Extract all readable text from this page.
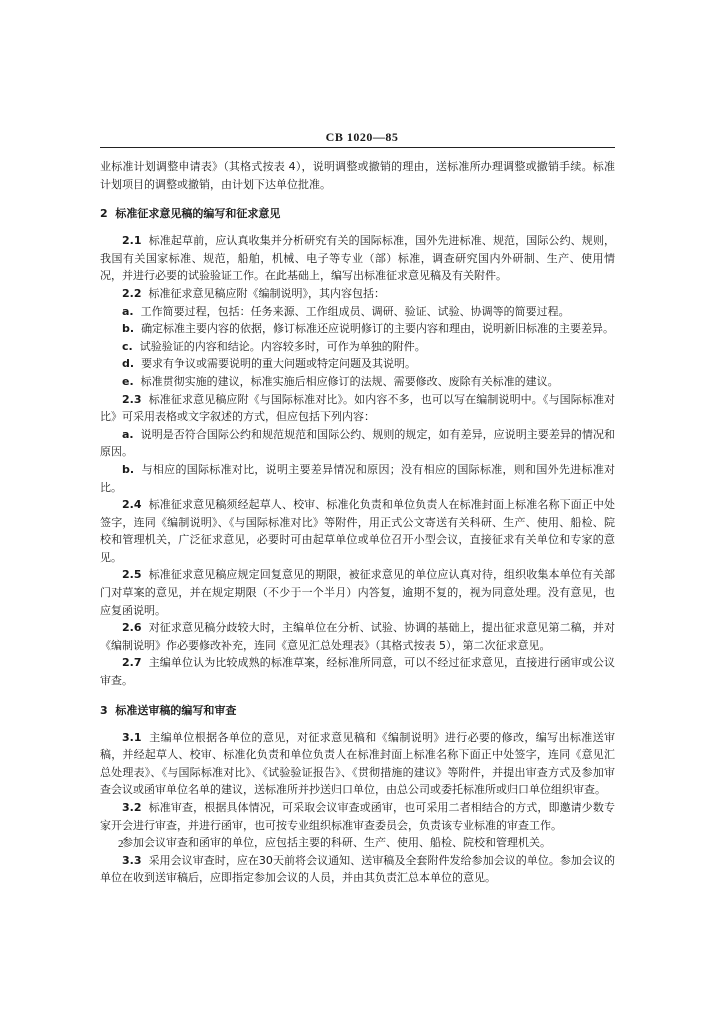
CB 1020—85

业标准计划调整申请表》（其格式按表 4），说明调整或撤销的理由，送标准所办理调整或撤销手续。标准计划项目的调整或撤销，由计划下达单位批准。

2 标准征求意见稿的编写和征求意见

2.1 标准起草前，应认真收集并分析研究有关的国际标准，国外先进标准、规范，国际公约、规则，我国有关国家标准、规范，船舶，机械、电子等专业（部）标准，调查研究国内外研制、生产、使用情况，并进行必要的试验验证工作。在此基础上，编写出标准征求意见稿及有关附件。

2.2 标准征求意见稿应附《编制说明》，其内容包括：

a. 工作简要过程，包括：任务来源、工作组成员、调研、验证、试验、协调等的简要过程。

b. 确定标准主要内容的依据，修订标准还应说明修订的主要内容和理由，说明新旧标准的主要差异。

c. 试验验证的内容和结论。内容较多时，可作为单独的附件。

d. 要求有争议或需要说明的重大问题或特定问题及其说明。

e. 标准贯彻实施的建议，标准实施后相应修订的法规、需要修改、废除有关标准的建议。

2.3 标准征求意见稿应附《与国际标准对比》。如内容不多，也可以写在编制说明中。《与国际标准对比》可采用表格或文字叙述的方式，但应包括下列内容：

a. 说明是否符合国际公约和规范规范和国际公约、规则的规定，如有差异，应说明主要差异的情况和原因。

b. 与相应的国际标准对比，说明主要差异情况和原因；没有相应的国际标准，则和国外先进标准对比。

2.4 标准征求意见稿须经起草人、校审、标准化负责和单位负责人在标准封面上标准名称下面正中处签字，连同《编制说明》、《与国际标准对比》等附件，用正式公文寄送有关科研、生产、使用、船检、院校和管理机关，广泛征求意见，必要时可由起草单位或单位召开小型会议，直接征求有关单位和专家的意见。

2.5 标准征求意见稿应规定回复意见的期限，被征求意见的单位应认真对待，组织收集本单位有关部门对草案的意见，并在规定期限（不少于一个半月）内答复，逾期不复的，视为同意处理。没有意见，也应复函说明。

2.6 对征求意见稿分歧较大时，主编单位在分析、试验、协调的基础上，提出征求意见第二稿，并对《编制说明》作必要修改补充，连同《意见汇总处理表》（其格式按表 5），第二次征求意见。

2.7 主编单位认为比较成熟的标准草案，经标准所同意，可以不经过征求意见，直接进行函审或公议审查。

3 标准送审稿的编写和审查

3.1 主编单位根据各单位的意见，对征求意见稿和《编制说明》进行必要的修改，编写出标准送审稿，并经起草人、校审、标准化负责和单位负责人在标准封面上标准名称下面正中处签字，连同《意见汇总处理表》、《与国际标准对比》、《试验验证报告》、《贯彻措施的建议》等附件，并提出审查方式及参加审查会议或函审单位名单的建议，送标准所并抄送归口单位，由总公司或委托标准所或归口单位组织审查。

3.2 标准审查，根据具体情况，可采取会议审查或函审，也可采用二者相结合的方式，即邀请少数专家开会进行审查，并进行函审，也可按专业组织标准审查委员会，负责该专业标准的审查工作。

参加会议审查和函审的单位，应包括主要的科研、生产、使用、船检、院校和管理机关。

3.3 采用会议审查时，应在30天前将会议通知、送审稿及全套附件发给参加会议的单位。参加会议的单位在收到送审稿后，应即指定参加会议的人员，并由其负责汇总本单位的意见。

2
